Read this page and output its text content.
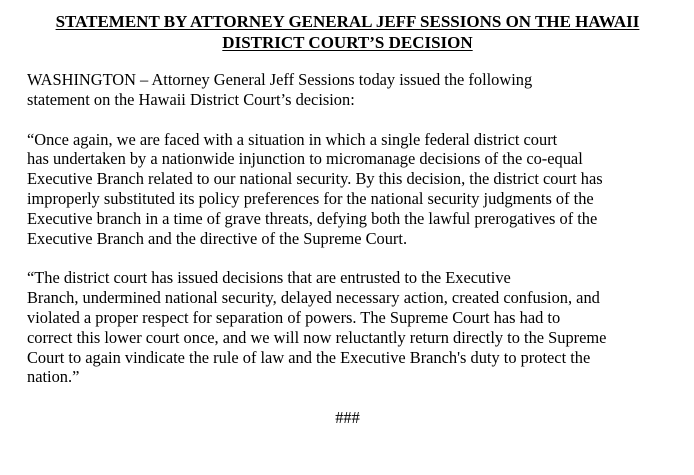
STATEMENT BY ATTORNEY GENERAL JEFF SESSIONS ON THE HAWAII
DISTRICT COURT’S DECISION

WASHINGTON – Attorney General Jeff Sessions today issued the following
statement on the Hawaii District Court’s decision:

“Once again, we are faced with a situation in which a single federal district court
has undertaken by a nationwide injunction to micromanage decisions of the co-equal
Executive Branch related to our national security. By this decision, the district court has
improperly substituted its policy preferences for the national security judgments of the
Executive branch in a time of grave threats, defying both the lawful prerogatives of the
Executive Branch and the directive of the Supreme Court.

“The district court has issued decisions that are entrusted to the Executive
Branch, undermined national security, delayed necessary action, created confusion, and
violated a proper respect for separation of powers. The Supreme Court has had to
correct this lower court once, and we will now reluctantly return directly to the Supreme
Court to again vindicate the rule of law and the Executive Branch's duty to protect the
nation.”

###
